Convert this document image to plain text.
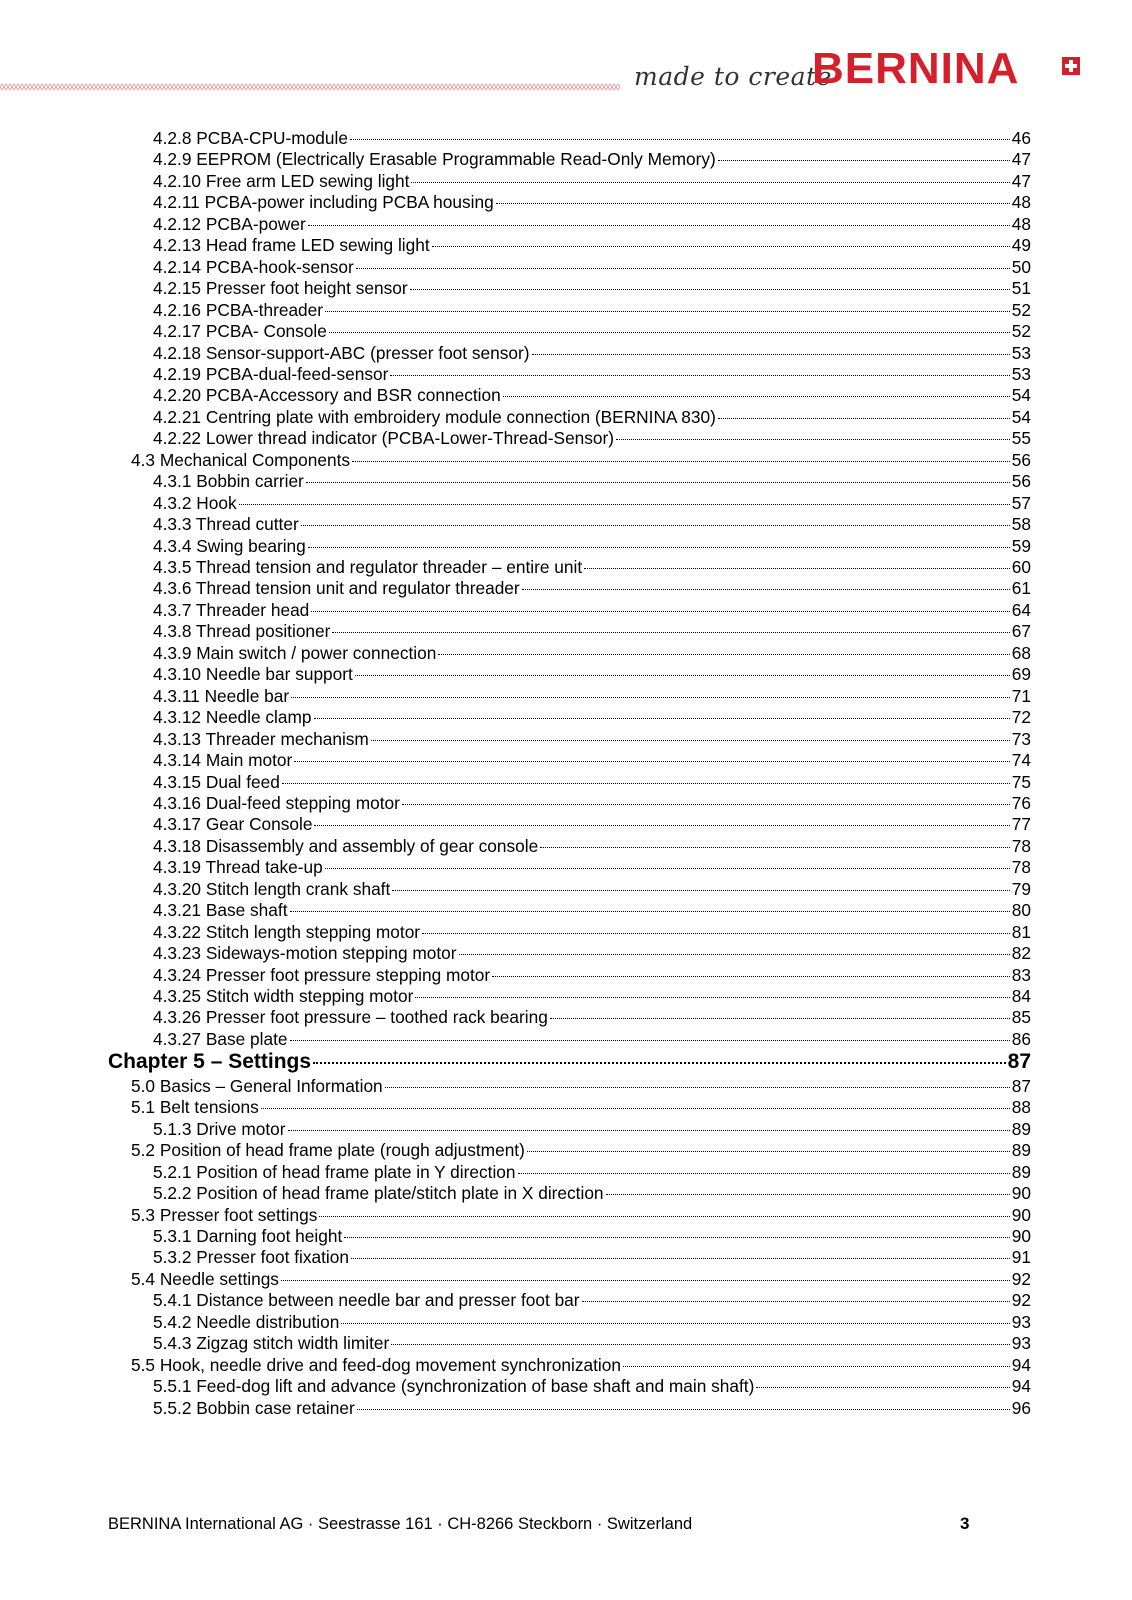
made to create
BERNINA
4.2.8 PCBA-CPU-module	46
4.2.9 EEPROM (Electrically Erasable Programmable Read-Only Memory)	47
4.2.10 Free arm LED sewing light	47
4.2.11 PCBA-power including PCBA housing	48
4.2.12 PCBA-power	48
4.2.13 Head frame LED sewing light	49
4.2.14 PCBA-hook-sensor	50
4.2.15 Presser foot height sensor	51
4.2.16 PCBA-threader	52
4.2.17 PCBA- Console	52
4.2.18 Sensor-support-ABC (presser foot sensor)	53
4.2.19 PCBA-dual-feed-sensor	53
4.2.20 PCBA-Accessory and BSR connection	54
4.2.21 Centring plate with embroidery module connection (BERNINA 830)	54
4.2.22 Lower thread indicator (PCBA-Lower-Thread-Sensor)	55
4.3 Mechanical Components	56
4.3.1 Bobbin carrier	56
4.3.2 Hook	57
4.3.3 Thread cutter	58
4.3.4 Swing bearing	59
4.3.5 Thread tension and regulator threader – entire unit	60
4.3.6 Thread tension unit and regulator threader	61
4.3.7 Threader head	64
4.3.8 Thread positioner	67
4.3.9 Main switch / power connection	68
4.3.10 Needle bar support	69
4.3.11 Needle bar	71
4.3.12 Needle clamp	72
4.3.13 Threader mechanism	73
4.3.14 Main motor	74
4.3.15 Dual feed	75
4.3.16 Dual-feed stepping motor	76
4.3.17 Gear Console	77
4.3.18 Disassembly and assembly of gear console	78
4.3.19 Thread take-up	78
4.3.20 Stitch length crank shaft	79
4.3.21 Base shaft	80
4.3.22 Stitch length stepping motor	81
4.3.23 Sideways-motion stepping motor	82
4.3.24 Presser foot pressure stepping motor	83
4.3.25 Stitch width stepping motor	84
4.3.26 Presser foot pressure – toothed rack bearing	85
4.3.27 Base plate	86
Chapter 5 – Settings	87
5.0 Basics – General Information	87
5.1 Belt tensions	88
5.1.3 Drive motor	89
5.2 Position of head frame plate (rough adjustment)	89
5.2.1 Position of head frame plate in Y direction	89
5.2.2 Position of head frame plate/stitch plate in X direction	90
5.3 Presser foot settings	90
5.3.1 Darning foot height	90
5.3.2 Presser foot fixation	91
5.4 Needle settings	92
5.4.1 Distance between needle bar and presser foot bar	92
5.4.2 Needle distribution	93
5.4.3 Zigzag stitch width limiter	93
5.5 Hook, needle drive and feed-dog movement synchronization	94
5.5.1 Feed-dog lift and advance (synchronization of base shaft and main shaft)	94
5.5.2 Bobbin case retainer	96
BERNINA International AG · Seestrasse 161 · CH-8266 Steckborn · Switzerland	3
